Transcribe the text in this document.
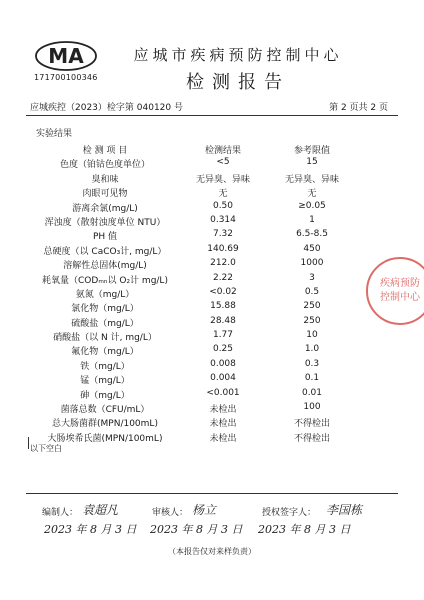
MA
171700100346
应城市疾病预防控制中心
检测报告
应城疾控（2023）检字第 040120 号	第 2 页共 2 页
实验结果
检 测 项 目	检测结果	参考限值
色度（铂钴色度单位）	<5	15
臭和味	无异臭、异味	无异臭、异味
肉眼可见物	无	无
游离余氯(mg/L)	0.50	≥0.05
浑浊度（散射浊度单位 NTU）	0.314	1
PH 值	7.32	6.5-8.5
总硬度（以 CaCO₃计, mg/L）	140.69	450
溶解性总固体(mg/L)	212.0	1000
耗氧量（CODₘₙ以 O₂计 mg/L)	2.22	3
氨氮（mg/L）	<0.02	0.5
氯化物（mg/L）	15.88	250
硫酸盐（mg/L）	28.48	250
硝酸盐（以 N 计, mg/L）	1.77	10
氟化物（mg/L）	0.25	1.0
铁（mg/L）	0.008	0.3
锰（mg/L）	0.004	0.1
砷（mg/L）	<0.001	0.01
菌落总数（CFU/mL）	未检出	100
总大肠菌群(MPN/100mL)	未检出	不得检出
大肠埃希氏菌(MPN/100mL)	未检出	不得检出
以下空白
疾病预防
控制中心
编制人： 袁超凡	审核人： 杨立	授权签字人： 李国栋
2023 年 8 月 3 日 2023 年 8 月 3 日 2023 年 8 月 3 日
（本报告仅对来样负责）
